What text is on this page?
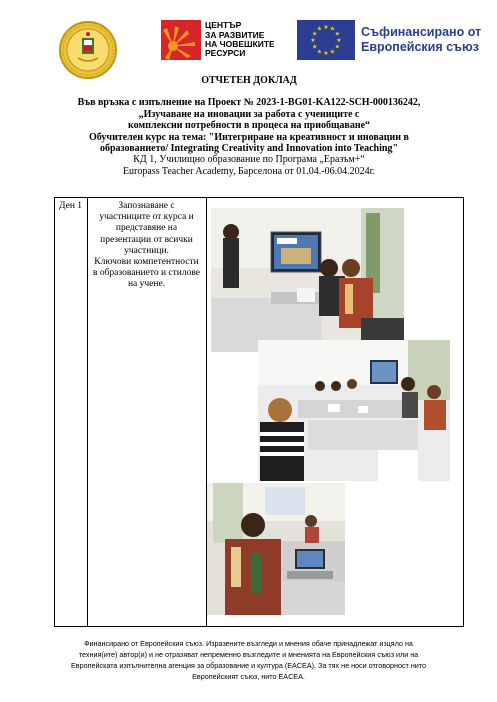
ЦЕНТЪР
ЗА РАЗВИТИЕ
НА ЧОВЕШКИТЕ
РЕСУРСИ
★ ★
★
★
★
★
★
★
★
★
★
★	Съфинансирано от
Европейския съюз
ОТЧЕТЕН ДОКЛАД
Във връзка с изпълнение на Проект № 2023-1-BG01-KA122-SCH-000136242,
„Изучаване на иновации за работа с учениците с
комплексни потребности в процеса на приобщаване“
Обучителен курс на тема: "Интегриране на креативност и иновации в
образованието/ Integrating Creativity and Innovation into Teaching"
КД 1, Училищно образование по Програма „Еразъм+“
Europass Teacher Academy, Барселона от 01.04.-06.04.2024г.
Ден 1	Запознаване с
участниците от курса и
представяне на
презентации от всички
участници.
Ключови компетентности
в образованието и стилове
на учене.
Финансирано от Европейския съюз. Изразените възгледи и мнения обаче принадлежат изцяло на
техния(ите) автор(и) и не отразяват непременно възгледите и мненията на Европейския съюз или на
Европейската изпълнителна агенция за образование и култура (EACEA). За тях не носи отговорност нито
Европейският съюз, нито EACEA.
